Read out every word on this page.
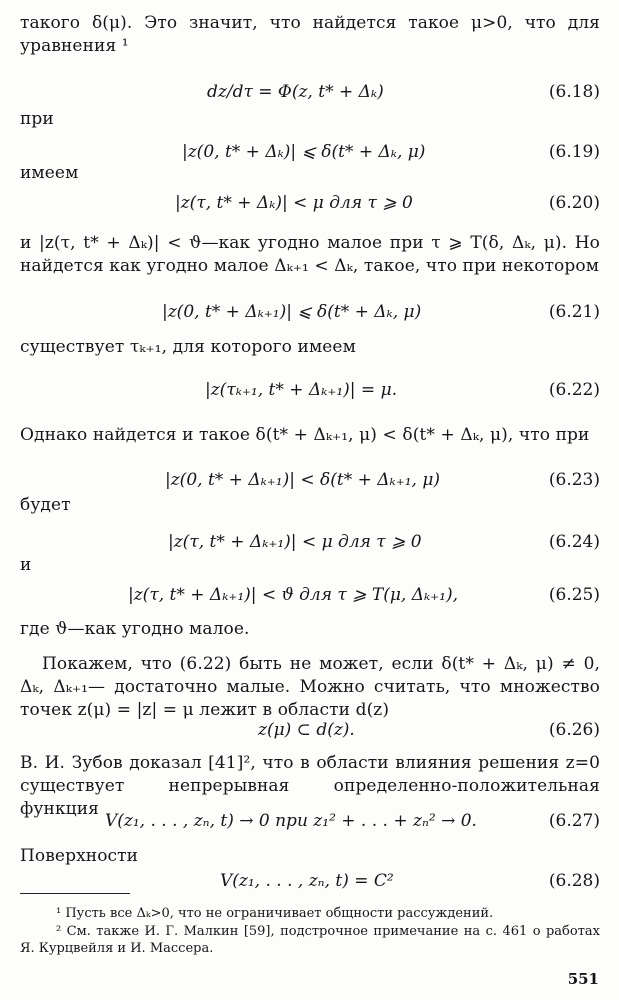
такого δ(μ). Это значит, что найдется такое μ>0, что для уравнения ¹
dz/dτ = Φ(z, t* + Δₖ)	(6.18)
при
|z(0, t* + Δₖ)| ⩽ δ(t* + Δₖ, μ)	(6.19)
имеем
|z(τ, t* + Δₖ)| < μ для τ ⩾ 0	(6.20)
и |z(τ, t* + Δₖ)| < ϑ—как угодно малое при τ ⩾ T(δ, Δₖ, μ). Но найдется как угодно малое Δₖ₊₁ < Δₖ, такое, что при некотором
|z(0, t* + Δₖ₊₁)| ⩽ δ(t* + Δₖ, μ)	(6.21)
существует τₖ₊₁, для которого имеем
|z(τₖ₊₁, t* + Δₖ₊₁)| = μ.	(6.22)
Однако найдется и такое δ(t* + Δₖ₊₁, μ) < δ(t* + Δₖ, μ), что при
|z(0, t* + Δₖ₊₁)| < δ(t* + Δₖ₊₁, μ)	(6.23)
будет
|z(τ, t* + Δₖ₊₁)| < μ для τ ⩾ 0	(6.24)
и
|z(τ, t* + Δₖ₊₁)| < ϑ для τ ⩾ T(μ, Δₖ₊₁),	(6.25)
где ϑ—как угодно малое.
Покажем, что (6.22) быть не может, если δ(t* + Δₖ, μ) ≠ 0, Δₖ, Δₖ₊₁— достаточно малые. Можно считать, что множество точек z(μ) = |z| = μ лежит в области d(z)
z(μ) ⊂ d(z).	(6.26)
В. И. Зубов доказал [41]², что в области влияния решения z=0 существует непрерывная определенно-положительная функция
V(z₁, . . . , zₙ, t) → 0 при z₁² + . . . + zₙ² → 0.	(6.27)
Поверхности
V(z₁, . . . , zₙ, t) = C²	(6.28)
¹ Пусть все Δₖ>0, что не ограничивает общности рассуждений.
² См. также И. Г. Малкин [59], подстрочное примечание на с. 461 о работах Я. Курцвейля и И. Массера.
551
